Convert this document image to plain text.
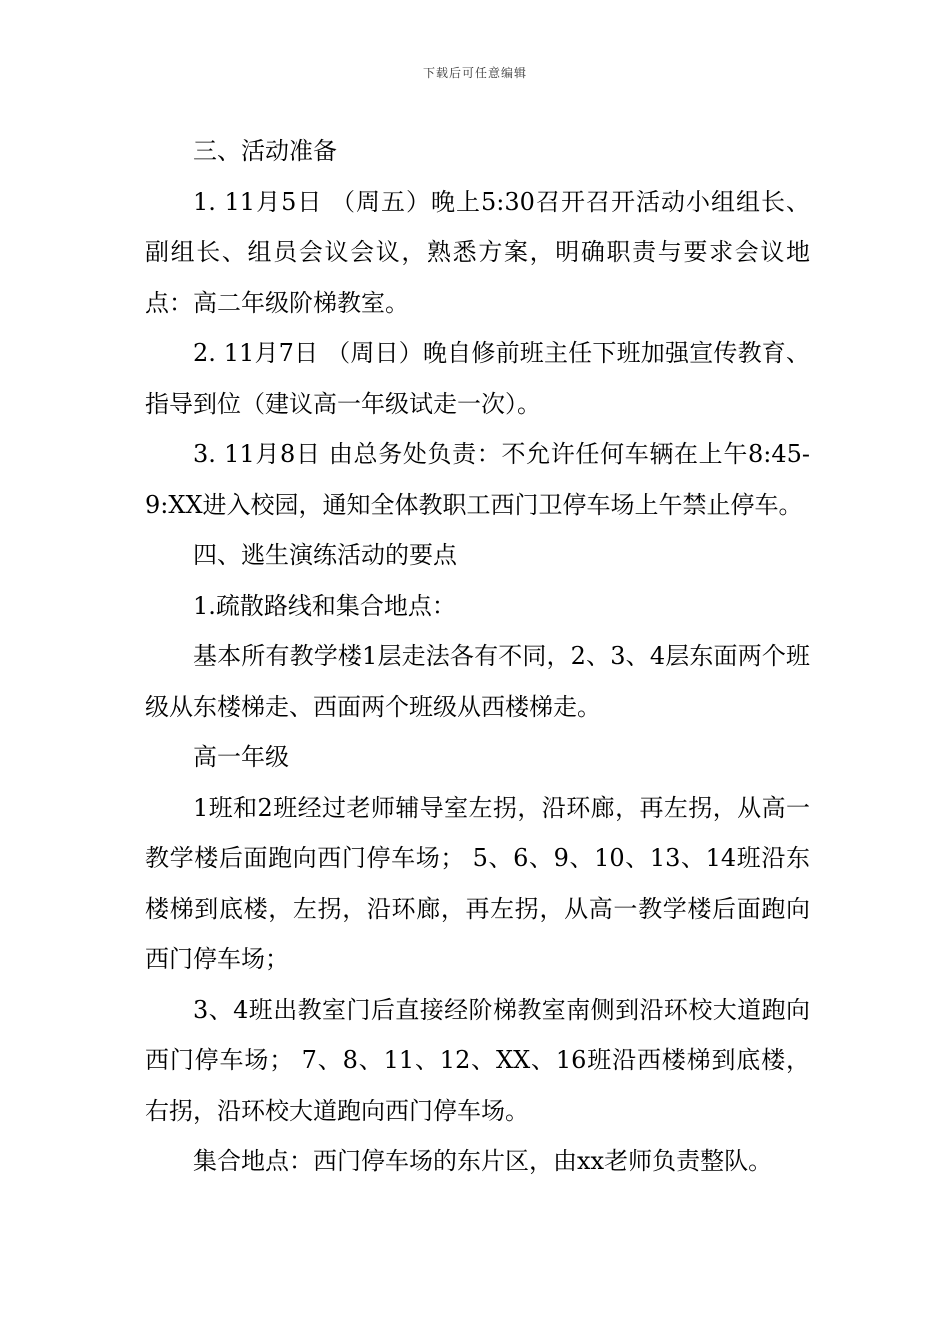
下载后可任意编辑

三、活动准备

1. 11月5日 （周五）晚上5:30召开召开活动小组组长、副组长、组员会议会议，熟悉方案，明确职责与要求会议地点：高二年级阶梯教室。

2. 11月7日 （周日）晚自修前班主任下班加强宣传教育、指导到位（建议高一年级试走一次）。

3. 11月8日 由总务处负责：不允许任何车辆在上午8:45-9:XX进入校园，通知全体教职工西门卫停车场上午禁止停车。

四、逃生演练活动的要点

1.疏散路线和集合地点：

基本所有教学楼1层走法各有不同，2、3、4层东面两个班级从东楼梯走、西面两个班级从西楼梯走。

高一年级

1班和2班经过老师辅导室左拐，沿环廊，再左拐，从高一教学楼后面跑向西门停车场； 5、6、9、10、13、14班沿东楼梯到底楼，左拐，沿环廊，再左拐，从高一教学楼后面跑向西门停车场；

3、4班出教室门后直接经阶梯教室南侧到沿环校大道跑向西门停车场； 7、8、11、12、XX、16班沿西楼梯到底楼，右拐，沿环校大道跑向西门停车场。

集合地点：西门停车场的东片区，由xx老师负责整队。
